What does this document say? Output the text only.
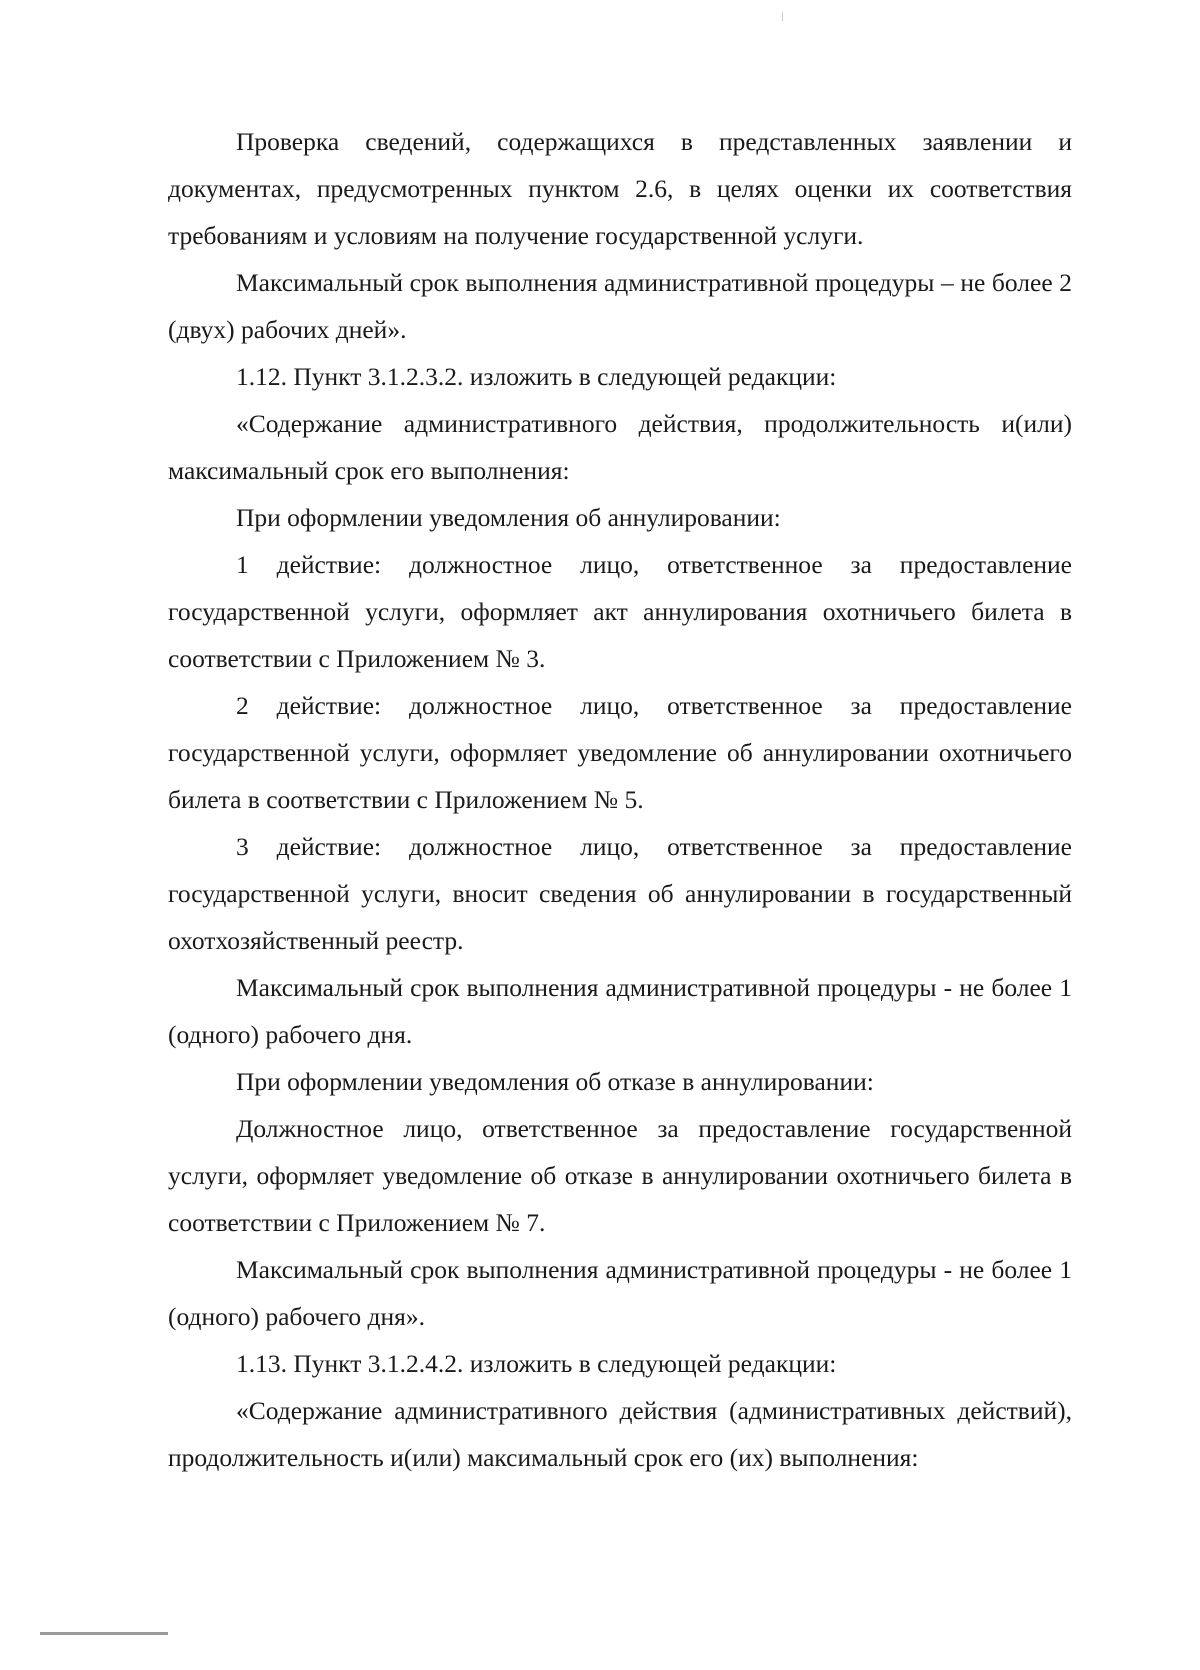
Проверка сведений, содержащихся в представленных заявлении и документах, предусмотренных пунктом 2.6, в целях оценки их соответствия требованиям и условиям на получение государственной услуги.

Максимальный срок выполнения административной процедуры – не более 2 (двух) рабочих дней».

1.12. Пункт 3.1.2.3.2. изложить в следующей редакции:

«Содержание административного действия, продолжительность и(или) максимальный срок его выполнения:

При оформлении уведомления об аннулировании:

1 действие: должностное лицо, ответственное за предоставление государственной услуги, оформляет акт аннулирования охотничьего билета в соответствии с Приложением № 3.

2 действие: должностное лицо, ответственное за предоставление государственной услуги, оформляет уведомление об аннулировании охотничьего билета в соответствии с Приложением № 5.

3 действие: должностное лицо, ответственное за предоставление государственной услуги, вносит сведения об аннулировании в государственный охотхозяйственный реестр.

Максимальный срок выполнения административной процедуры - не более 1 (одного) рабочего дня.

При оформлении уведомления об отказе в аннулировании:

Должностное лицо, ответственное за предоставление государственной услуги, оформляет уведомление об отказе в аннулировании охотничьего билета в соответствии с Приложением № 7.

Максимальный срок выполнения административной процедуры - не более 1 (одного) рабочего дня».

1.13. Пункт 3.1.2.4.2. изложить в следующей редакции:

«Содержание административного действия (административных действий), продолжительность и(или) максимальный срок его (их) выполнения:
